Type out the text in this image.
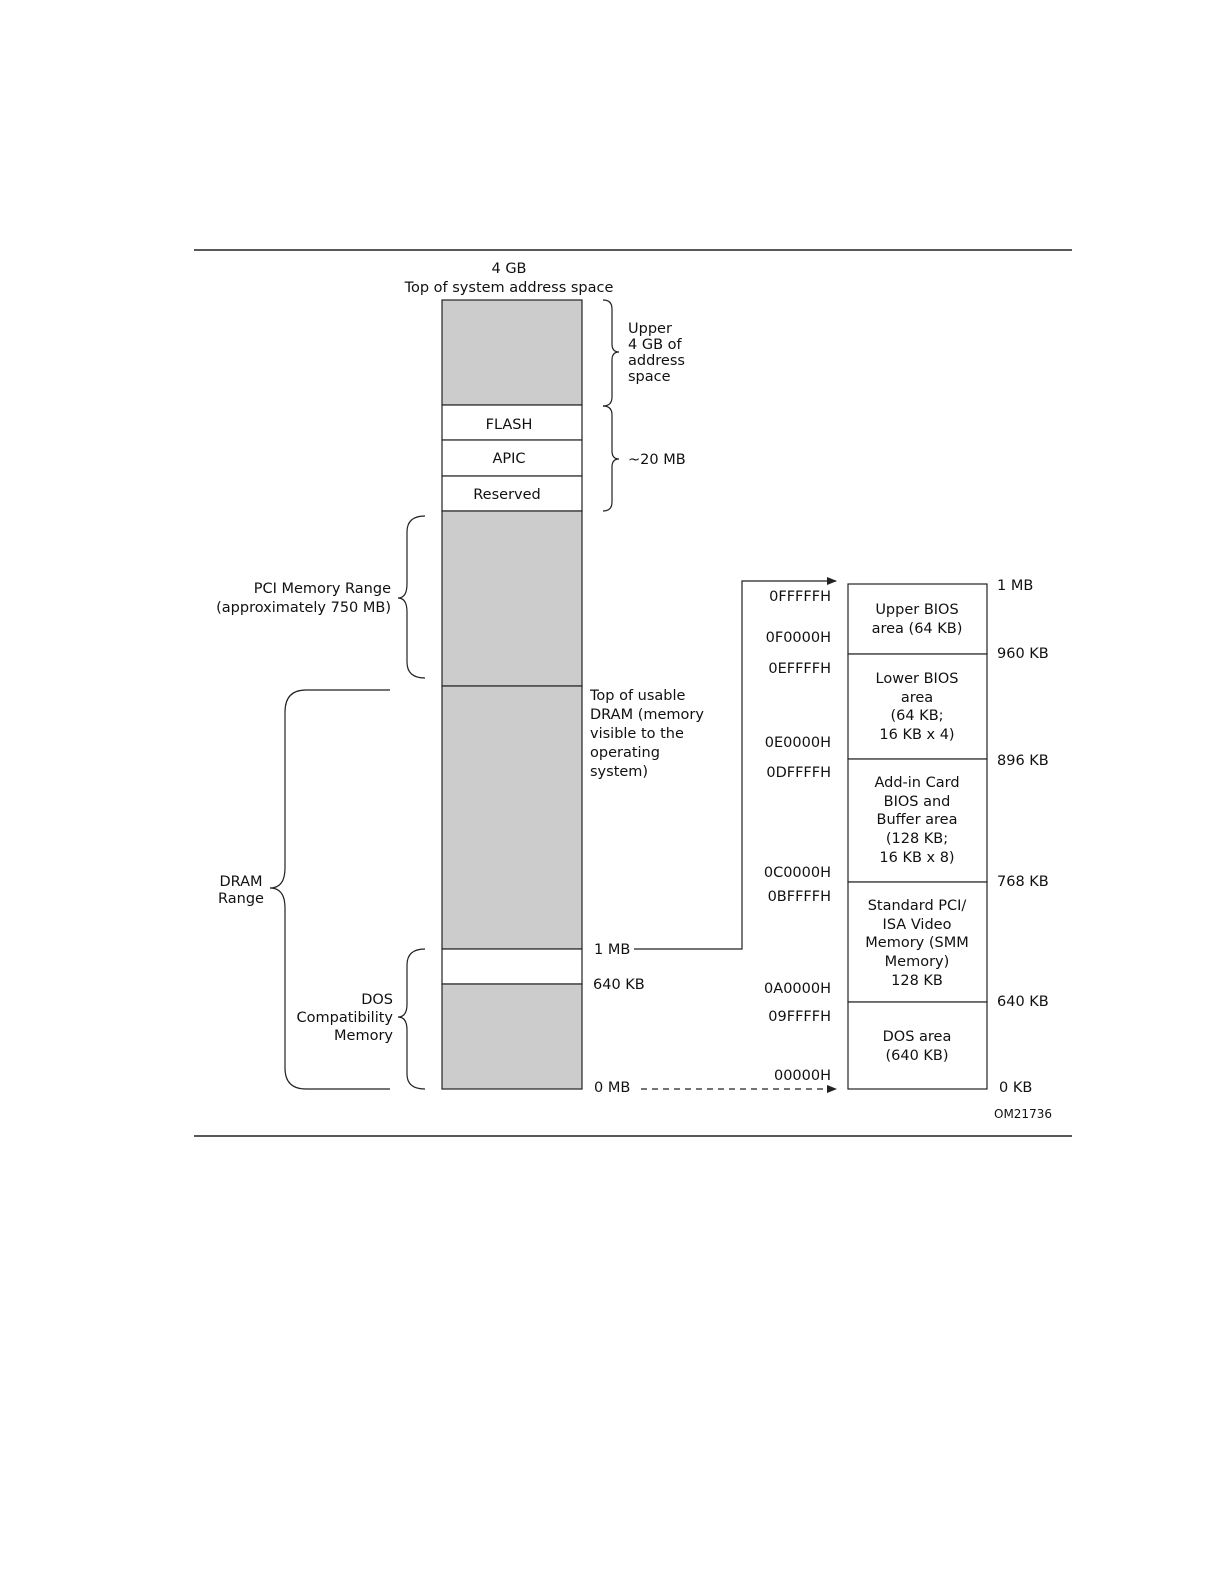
4 GB
Top of system address space
FLASH
APIC
Reserved
Upper
4 GB of
address
space
~20 MB
Top of usable
DRAM (memory
visible to the
operating
system)
1 MB
640 KB
0 MB
PCI Memory Range
(approximately 750 MB)
DRAM
Range
DOS
Compatibility
Memory
Upper BIOS
area (64 KB)
Lower BIOS
area
(64 KB;
16 KB x 4)
Add-in Card
BIOS and
Buffer area
(128 KB;
16 KB x 8)
Standard PCI/
ISA Video
Memory (SMM
Memory)
128 KB
DOS area
(640 KB)
0FFFFFH
0F0000H
0EFFFFH
0E0000H
0DFFFFH
0C0000H
0BFFFFH
0A0000H
09FFFFH
00000H
1 MB
960 KB
896 KB
768 KB
640 KB
0 KB
OM21736
